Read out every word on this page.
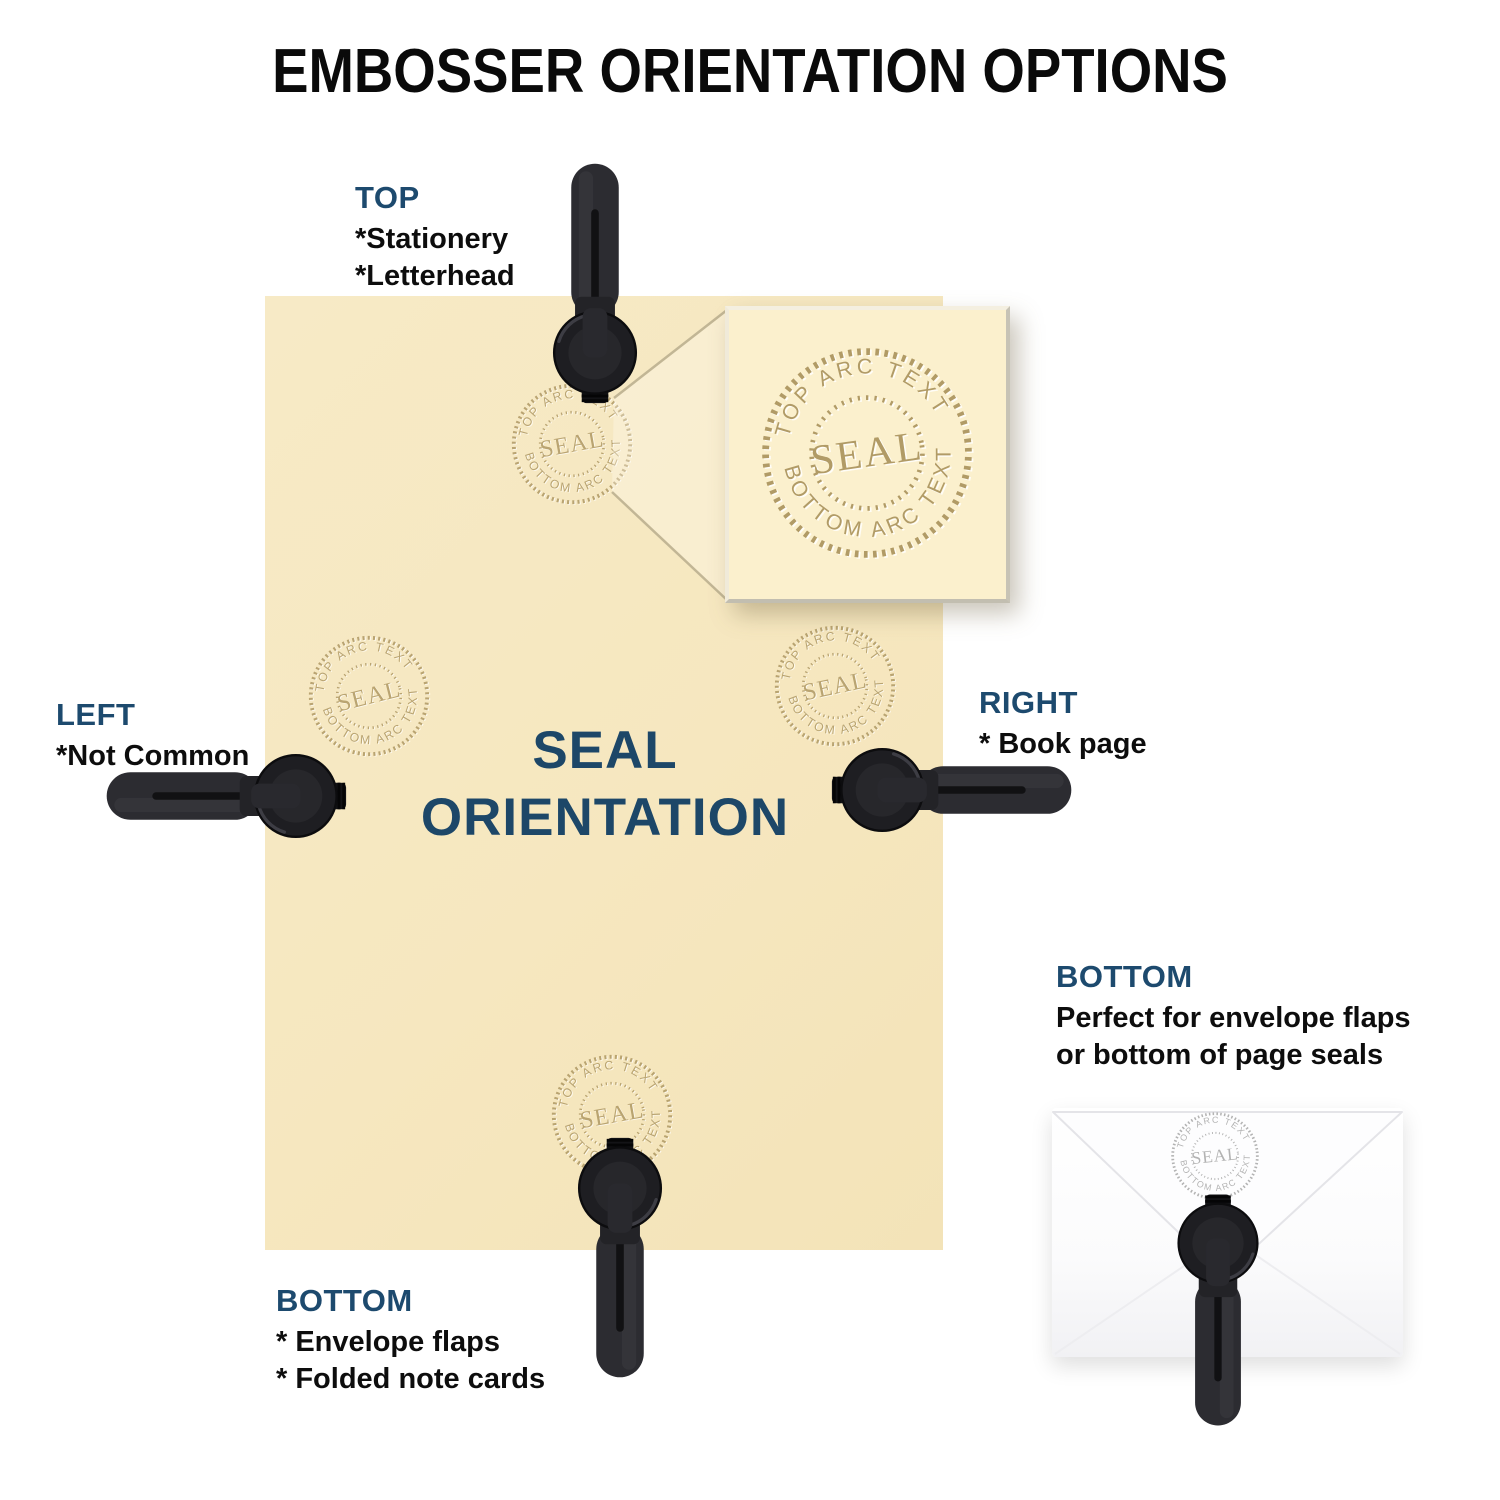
EMBOSSER ORIENTATION OPTIONS

TOP

*Stationery

*Letterhead

LEFT

*Not Common

RIGHT

* Book page

BOTTOM

* Envelope flaps

* Folded note cards

BOTTOM

Perfect for envelope flaps

or bottom of page seals

SEAL
ORIENTATION
